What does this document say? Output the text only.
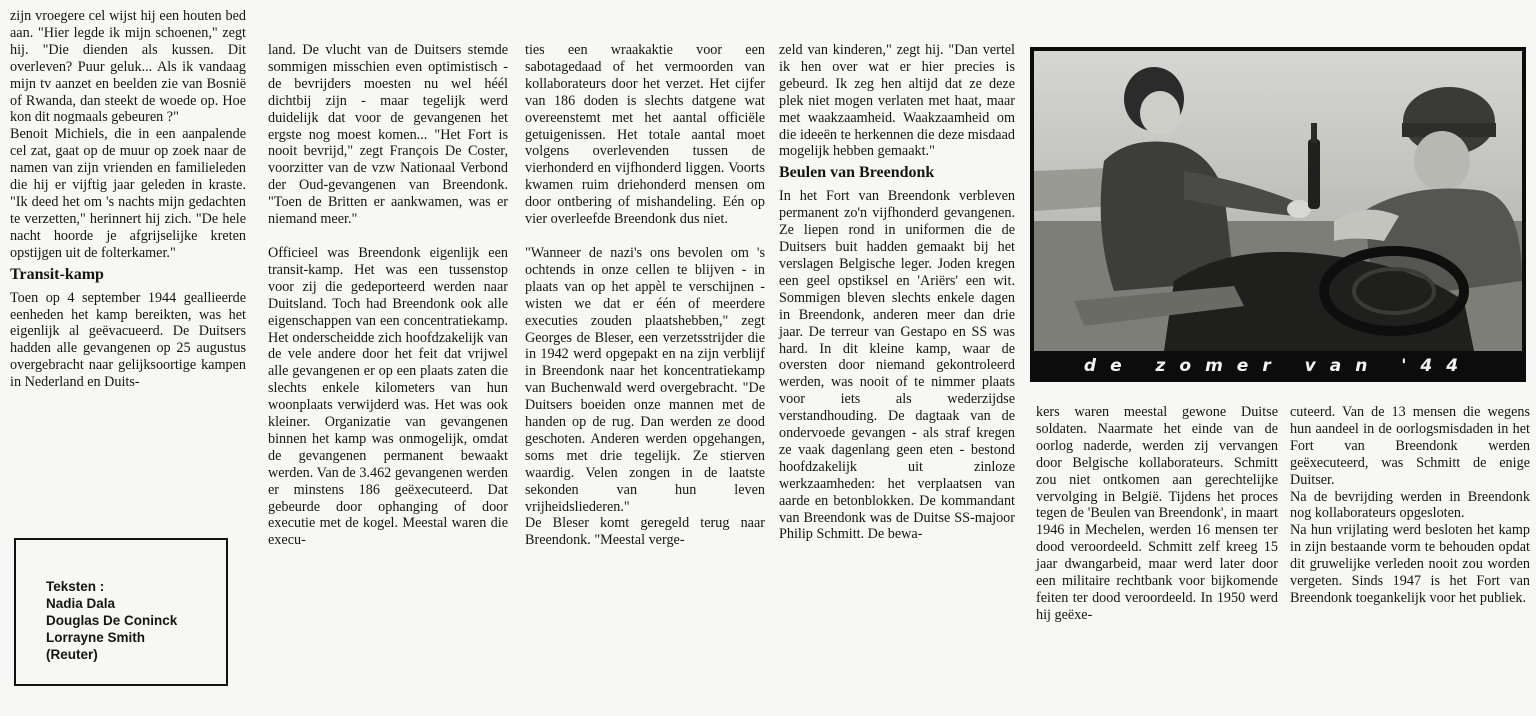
zijn vroegere cel wijst hij een houten bed aan. "Hier legde ik mijn schoenen," zegt hij. "Die dienden als kussen. Dit overleven? Puur geluk... Als ik vandaag mijn tv aanzet en beelden zie van Bosnië of Rwanda, dan steekt de woede op. Hoe kon dit nogmaals gebeuren ?"

Benoit Michiels, die in een aanpalende cel zat, gaat op de muur op zoek naar de namen van zijn vrienden en familieleden die hij er vijftig jaar geleden in kraste. "Ik deed het om 's nachts mijn gedachten te verzetten," herinnert hij zich. "De hele nacht hoorde je afgrijselijke kreten opstijgen uit de folterkamer."

Transit-kamp

Toen op 4 september 1944 geallieerde eenheden het kamp bereikten, was het eigenlijk al geëvacueerd. De Duitsers hadden alle gevangenen op 25 augustus overgebracht naar gelijksoortige kampen in Nederland en Duits-

land. De vlucht van de Duitsers stemde sommigen misschien even optimistisch - de bevrijders moesten nu wel héél dichtbij zijn - maar tegelijk werd duidelijk dat voor de gevangenen het ergste nog moest komen... "Het Fort is nooit bevrijd," zegt François De Coster, voorzitter van de vzw Nationaal Verbond der Oud-gevangenen van Breendonk. "Toen de Britten er aankwamen, was er niemand meer."

Officieel was Breendonk eigenlijk een transit-kamp. Het was een tussenstop voor zij die gedeporteerd werden naar Duitsland. Toch had Breendonk ook alle eigenschappen van een concentratiekamp. Het onderscheidde zich hoofdzakelijk van de vele andere door het feit dat vrijwel alle gevangenen er op een plaats zaten die slechts enkele kilometers van hun woonplaats verwijderd was. Het was ook kleiner. Organizatie van gevangenen binnen het kamp was onmogelijk, omdat de gevangenen permanent bewaakt werden. Van de 3.462 gevangenen werden er minstens 186 geëxecuteerd. Dat gebeurde door ophanging of door executie met de kogel. Meestal waren die execu-

ties een wraakaktie voor een sabotagedaad of het vermoorden van kollaborateurs door het verzet. Het cijfer van 186 doden is slechts datgene wat overeenstemt met het aantal officiële getuigenissen. Het totale aantal moet volgens overlevenden tussen de vierhonderd en vijfhonderd liggen. Voorts kwamen ruim driehonderd mensen om door ontbering of mishandeling. Eén op vier overleefde Breendonk dus niet.

"Wanneer de nazi's ons bevolen om 's ochtends in onze cellen te blijven - in plaats van op het appèl te verschijnen - wisten we dat er één of meerdere executies zouden plaatshebben," zegt Georges de Bleser, een verzetsstrijder die in 1942 werd opgepakt en na zijn verblijf in Breendonk naar het koncentratiekamp van Buchenwald werd overgebracht. "De Duitsers boeiden onze mannen met de handen op de rug. Dan werden ze dood geschoten. Anderen werden opgehangen, soms met drie tegelijk. Ze stierven waardig. Velen zongen in de laatste sekonden van hun leven vrijheidsliederen."

De Bleser komt geregeld terug naar Breendonk. "Meestal verge-

zeld van kinderen," zegt hij. "Dan vertel ik hen over wat er hier precies is gebeurd. Ik zeg hen altijd dat ze deze plek niet mogen verlaten met haat, maar met waakzaamheid. Waakzaamheid om die ideeën te herkennen die deze misdaad mogelijk hebben gemaakt."

Beulen van Breendonk

In het Fort van Breendonk verbleven permanent zo'n vijfhonderd gevangenen. Ze liepen rond in uniformen die de Duitsers buit hadden gemaakt bij het verslagen Belgische leger. Joden kregen een geel opstiksel en 'Ariërs' een wit. Sommigen bleven slechts enkele dagen in Breendonk, anderen meer dan drie jaar. De terreur van Gestapo en SS was hard. In dit kleine kamp, waar de oversten door niemand gekontroleerd werden, was nooit of te nimmer plaats voor iets als wederzijdse verstandhouding. De dagtaak van de ondervoede gevangen - als straf kregen ze vaak dagenlang geen eten - bestond hoofdzakelijk uit zinloze werkzaamheden: het verplaatsen van aarde en betonblokken. De kommandant van Breendonk was de Duitse SS-majoor Philip Schmitt. De bewa-

kers waren meestal gewone Duitse soldaten. Naarmate het einde van de oorlog naderde, werden zij vervangen door Belgische kollaborateurs. Schmitt zou niet ontkomen aan gerechtelijke vervolging in België. Tijdens het proces tegen de 'Beulen van Breendonk', in maart 1946 in Mechelen, werden 16 mensen ter dood veroordeeld. Schmitt zelf kreeg 15 jaar dwangarbeid, maar werd later door een militaire rechtbank voor bijkomende feiten ter dood veroordeeld. In 1950 werd hij geëxe-

cuteerd. Van de 13 mensen die wegens hun aandeel in de oorlogsmisdaden in het Fort van Breendonk werden geëxecuteerd, was Schmitt de enige Duitser.

Na de bevrijding werden in Breendonk nog kollaborateurs opgesloten.

Na hun vrijlating werd besloten het kamp in zijn bestaande vorm te behouden opdat dit gruwelijke verleden nooit zou worden vergeten. Sinds 1947 is het Fort van Breendonk toegankelijk voor het publiek.

Teksten :
Nadia Dala
Douglas De Coninck
Lorrayne Smith
(Reuter)
de zomer van '44
